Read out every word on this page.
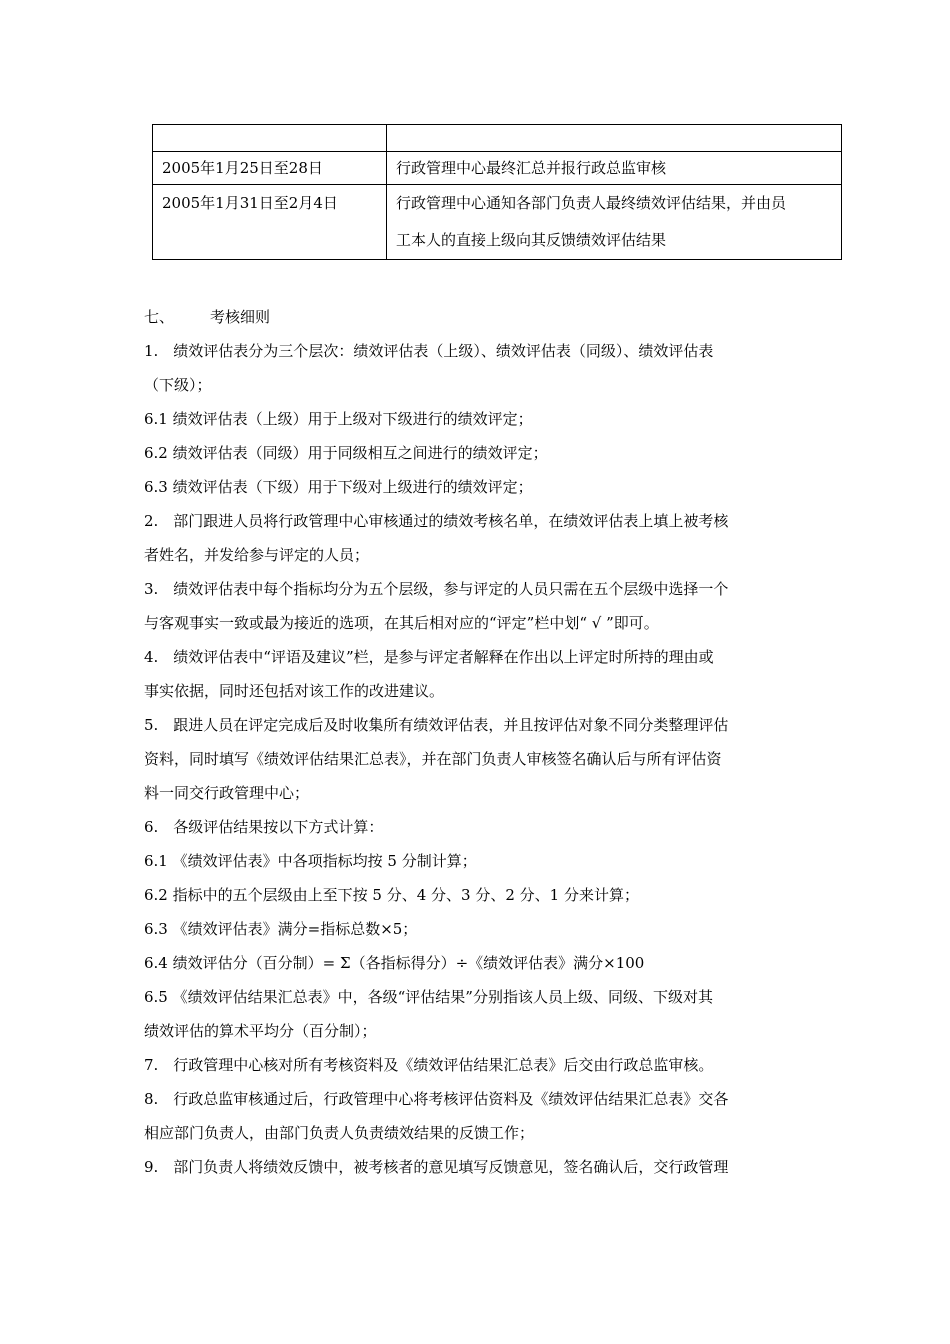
2005年1月25日至28日	行政管理中心最终汇总并报行政总监审核
2005年1月31日至2月4日	行政管理中心通知各部门负责人最终绩效评估结果，并由员
工本人的直接上级向其反馈绩效评估结果
七、 考核细则
1.　绩效评估表分为三个层次：绩效评估表（上级）、绩效评估表（同级）、绩效评估表
（下级）；
6.1 绩效评估表（上级）用于上级对下级进行的绩效评定；
6.2 绩效评估表（同级）用于同级相互之间进行的绩效评定；
6.3 绩效评估表（下级）用于下级对上级进行的绩效评定；
2.　部门跟进人员将行政管理中心审核通过的绩效考核名单，在绩效评估表上填上被考核
者姓名，并发给参与评定的人员；
3.　绩效评估表中每个指标均分为五个层级，参与评定的人员只需在五个层级中选择一个
与客观事实一致或最为接近的选项，在其后相对应的“评定”栏中划“ √ ”即可。
4.　绩效评估表中“评语及建议”栏，是参与评定者解释在作出以上评定时所持的理由或
事实依据，同时还包括对该工作的改进建议。
5.　跟进人员在评定完成后及时收集所有绩效评估表，并且按评估对象不同分类整理评估
资料，同时填写《绩效评估结果汇总表》，并在部门负责人审核签名确认后与所有评估资
料一同交行政管理中心；
6.　各级评估结果按以下方式计算：
6.1 《绩效评估表》中各项指标均按 5 分制计算；
6.2 指标中的五个层级由上至下按 5 分、4 分、3 分、2 分、1 分来计算；
6.3 《绩效评估表》满分=指标总数×5；
6.4 绩效评估分（百分制）= Σ（各指标得分）÷《绩效评估表》满分×100
6.5 《绩效评估结果汇总表》中，各级“评估结果”分别指该人员上级、同级、下级对其
绩效评估的算术平均分（百分制）；
7.　行政管理中心核对所有考核资料及《绩效评估结果汇总表》后交由行政总监审核。
8.　行政总监审核通过后，行政管理中心将考核评估资料及《绩效评估结果汇总表》交各
相应部门负责人，由部门负责人负责绩效结果的反馈工作；
9.　部门负责人将绩效反馈中，被考核者的意见填写反馈意见，签名确认后，交行政管理
